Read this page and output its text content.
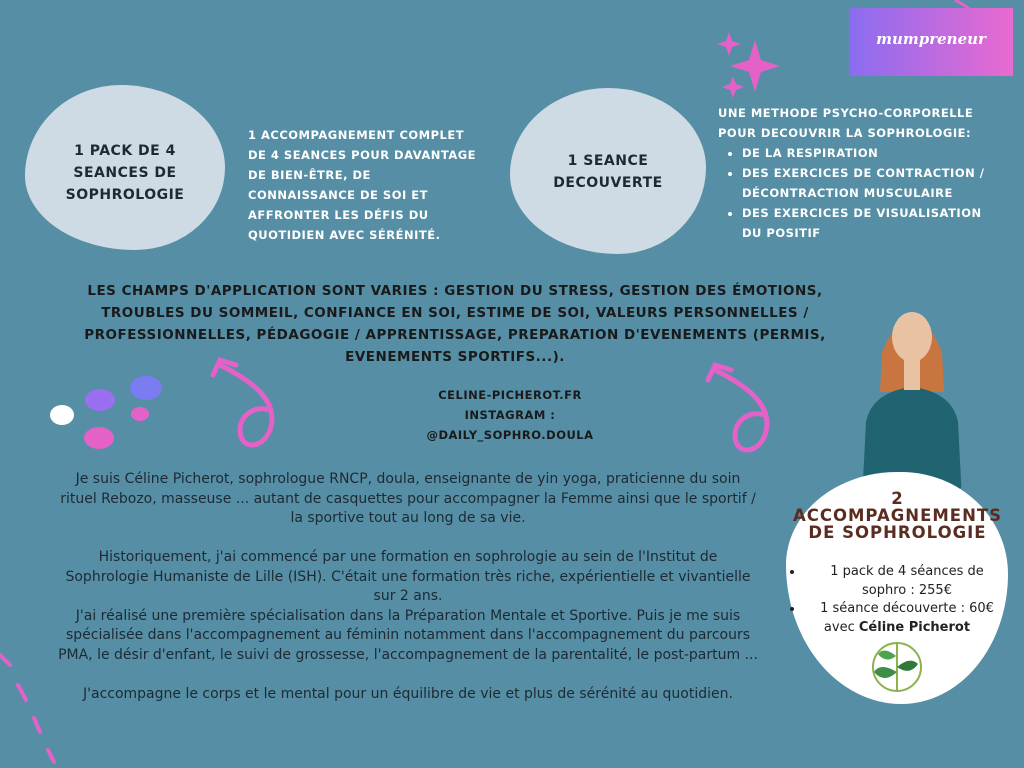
mumpreneur
1 PACK DE 4 SEANCES DE SOPHROLOGIE
1 ACCOMPAGNEMENT COMPLET DE 4 SEANCES POUR DAVANTAGE DE BIEN-ÊTRE, DE CONNAISSANCE DE SOI ET AFFRONTER LES DÉFIS DU QUOTIDIEN AVEC SÉRÉNITÉ.
1 SEANCE DECOUVERTE
UNE METHODE PSYCHO-CORPORELLE POUR DECOUVRIR LA SOPHROLOGIE:
• DE LA RESPIRATION
• DES EXERCICES DE CONTRACTION / DÉCONTRACTION MUSCULAIRE
• DES EXERCICES DE VISUALISATION DU POSITIF
LES CHAMPS D'APPLICATION SONT VARIES : GESTION DU STRESS, GESTION DES ÉMOTIONS, TROUBLES DU SOMMEIL, CONFIANCE EN SOI, ESTIME DE SOI, VALEURS PERSONNELLES / PROFESSIONNELLES, PÉDAGOGIE / APPRENTISSAGE, PREPARATION D'EVENEMENTS (PERMIS, EVENEMENTS SPORTIFS...).
CELINE-PICHEROT.FR
INSTAGRAM :
@DAILY_SOPHRO.DOULA

Je suis Céline Picherot, sophrologue RNCP, doula, enseignante de yin yoga, praticienne du soin rituel Rebozo, masseuse ... autant de casquettes pour accompagner la Femme ainsi que le sportif / la sportive tout au long de sa vie.

Historiquement, j'ai commencé par une formation en sophrologie au sein de l'Institut de Sophrologie Humaniste de Lille (ISH). C'était une formation très riche, expérientielle et vivantielle sur 2 ans.

J'ai réalisé une première spécialisation dans la Préparation Mentale et Sportive. Puis je me suis spécialisée dans l'accompagnement au féminin notamment dans l'accompagnement du parcours PMA, le désir d'enfant, le suivi de grossesse, l'accompagnement de la parentalité, le post-partum ...

J'accompagne le corps et le mental pour un équilibre de vie et plus de sérénité au quotidien.

2
ACCOMPAGNEMENTS
DE SOPHROLOGIE
• 1 pack de 4 séances de sophro : 255€
• 1 séance découverte : 60€
avec Céline Picherot
